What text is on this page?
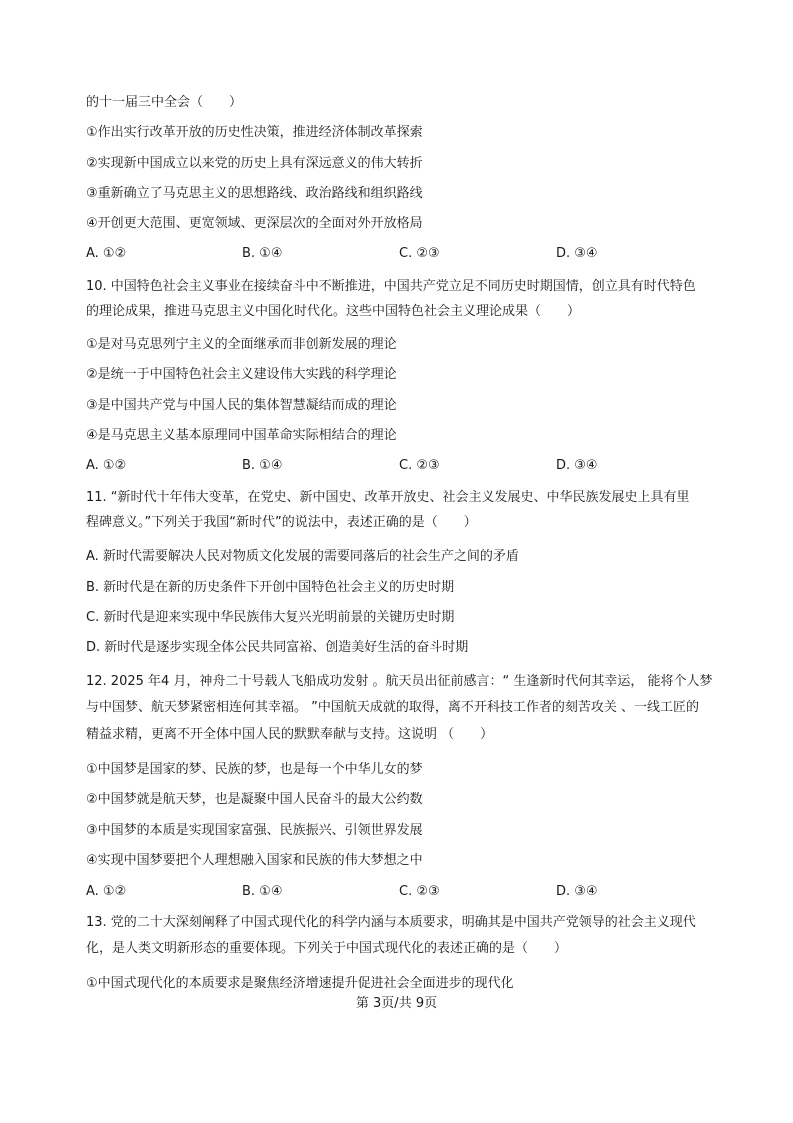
的十一届三中全会（　　）
①作出实行改革开放的历史性决策，推进经济体制改革探索
②实现新中国成立以来党的历史上具有深远意义的伟大转折
③重新确立了马克思主义的思想路线、政治路线和组织路线
④开创更大范围、更宽领域、更深层次的全面对外开放格局
A. ①②	B. ①④	C. ②③	D. ③④
10. 中国特色社会主义事业在接续奋斗中不断推进，中国共产党立足不同历史时期国情，创立具有时代特色
的理论成果，推进马克思主义中国化时代化。这些中国特色社会主义理论成果（　　）
①是对马克思列宁主义的全面继承而非创新发展的理论
②是统一于中国特色社会主义建设伟大实践的科学理论
③是中国共产党与中国人民的集体智慧凝结而成的理论
④是马克思主义基本原理同中国革命实际相结合的理论
A. ①②	B. ①④	C. ②③	D. ③④
11. “新时代十年伟大变革，在党史、新中国史、改革开放史、社会主义发展史、中华民族发展史上具有里
程碑意义。”下列关于我国“新时代”的说法中，表述正确的是（　　）
A. 新时代需要解决人民对物质文化发展的需要同落后的社会生产之间的矛盾
B. 新时代是在新的历史条件下开创中国特色社会主义的历史时期
C. 新时代是迎来实现中华民族伟大复兴光明前景的关键历史时期
D. 新时代是逐步实现全体公民共同富裕、创造美好生活的奋斗时期
12. 2025 年4 月，神舟二十号载人飞船成功发射 。航天员出征前感言：“ 生逢新时代何其幸运， 能将个人梦
与中国梦、航天梦紧密相连何其幸福。 ”中国航天成就的取得，离不开科技工作者的刻苦攻关 、一线工匠的
精益求精，更离不开全体中国人民的默默奉献与支持。这说明 （　　）
①中国梦是国家的梦、民族的梦，也是每一个中华儿女的梦
②中国梦就是航天梦，也是凝聚中国人民奋斗的最大公约数
③中国梦的本质是实现国家富强、民族振兴、引领世界发展
④实现中国梦要把个人理想融入国家和民族的伟大梦想之中
A. ①②	B. ①④	C. ②③	D. ③④
13. 党的二十大深刻阐释了中国式现代化的科学内涵与本质要求，明确其是中国共产党领导的社会主义现代
化，是人类文明新形态的重要体现。下列关于中国式现代化的表述正确的是（　　）
①中国式现代化的本质要求是聚焦经济增速提升促进社会全面进步的现代化
第 3页/共 9页
